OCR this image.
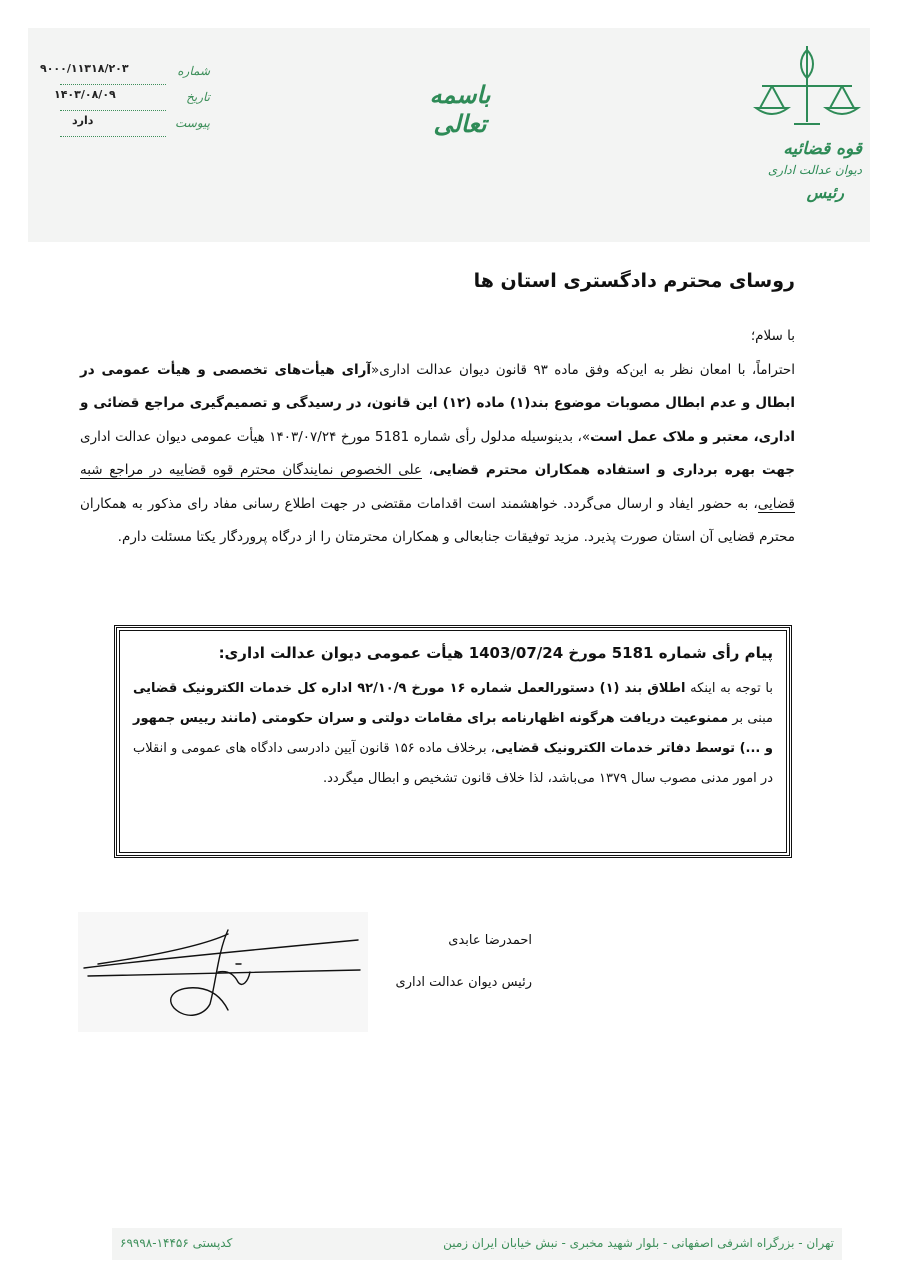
۹۰۰۰/۱۱۳۱۸/۲۰۳	شماره
۱۴۰۳/۰۸/۰۹	تاریخ
دارد	پیوست
باسمه تعالی
قوه قضائیه
دیوان عدالت اداری
رئیس
روسای محترم دادگستری استان ها

با سلام؛

احتراماً، با امعان نظر به این‌که وفق ماده ۹۳ قانون دیوان عدالت اداری«آرای هیأت‌های تخصصی و هیأت عمومی در ابطال و عدم ابطال مصوبات موضوع بند(۱) ماده (۱۲) این قانون، در رسیدگی و تصمیم‌گیری مراجع قضائی و اداری، معتبر و ملاک عمل است»، بدینوسیله مدلول رأی شماره 5181 مورخ ۱۴۰۳/۰۷/۲۴ هیأت عمومی دیوان عدالت اداری جهت بهره برداری و استفاده همکاران محترم قضایی، علی الخصوص نمایندگان محترم قوه قضاییه در مراجع شبه قضایی، به حضور ایفاد و ارسال می‌گردد. خواهشمند است اقدامات مقتضی در جهت اطلاع رسانی مفاد رای مذکور به همکاران محترم قضایی آن استان صورت پذیرد. مزید توفیقات جنابعالی و همکاران محترمتان را از درگاه پروردگار یکتا مسئلت دارم.

پیام رأی شماره 5181 مورخ 1403/07/24 هیأت عمومی دیوان عدالت اداری:
با توجه به اینکه اطلاق بند (۱) دستورالعمل شماره ۱۶ مورخ ۹۲/۱۰/۹ اداره کل خدمات الکترونیک قضایی مبنی بر ممنوعیت دریافت هرگونه اظهارنامه برای مقامات دولتی و سران حکومتی (مانند رییس جمهور و ...) توسط دفاتر خدمات الکترونیک قضایی، برخلاف ماده ۱۵۶ قانون آیین دادرسی دادگاه های عمومی و انقلاب در امور مدنی مصوب سال ۱۳۷۹ می‌باشد، لذا خلاف قانون تشخیص و ابطال میگردد.
احمدرضا عابدی
رئیس دیوان عدالت اداری
تهران - بزرگراه اشرفی اصفهانی - بلوار شهید مخبری - نبش خیابان ایران زمین
کدپستی ۱۴۴۵۶-۶۹۹۹۸
